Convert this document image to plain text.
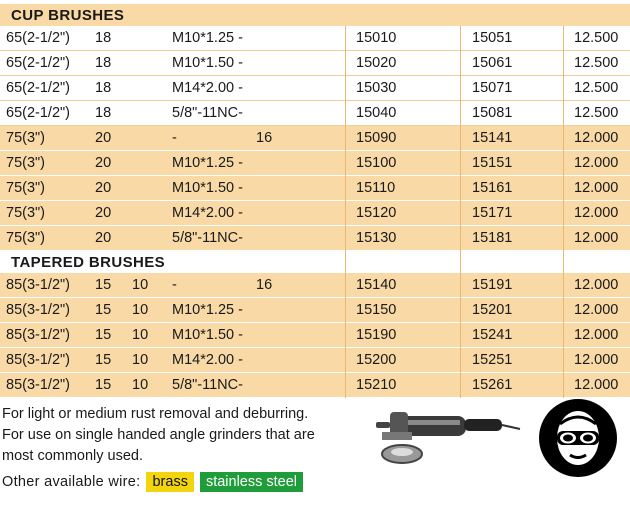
CUP BRUSHES
65(2-1/2") 18	M10*1.25 -	15010	15051	12.500
65(2-1/2") 18	M10*1.50 -	15020	15061	12.500
65(2-1/2") 18	M14*2.00 -	15030	15071	12.500
65(2-1/2") 18	5/8"-11NC-	15040	15081	12.500
75(3")	20	-	16	15090	15141	12.000
75(3")	20	M10*1.25 -	15100	15151	12.000
75(3")	20	M10*1.50 -	15110	15161	12.000
75(3")	20	M14*2.00 -	15120	15171	12.000
75(3")	20	5/8"-11NC-	15130	15181	12.000
TAPERED BRUSHES
85(3-1/2") 15 10 -	16	15140	15191	12.000
85(3-1/2") 15 10 M10*1.25 -	15150	15201	12.000
85(3-1/2") 15 10 M10*1.50 -	15190	15241	12.000
85(3-1/2") 15 10 M14*2.00 -	15200	15251	12.000
85(3-1/2") 15 10 5/8"-11NC-	15210	15261	12.000
For light or medium rust removal and deburring.
For use on single handed angle grinders that are
most commonly used.
Other available wire: brass	stainless steel
